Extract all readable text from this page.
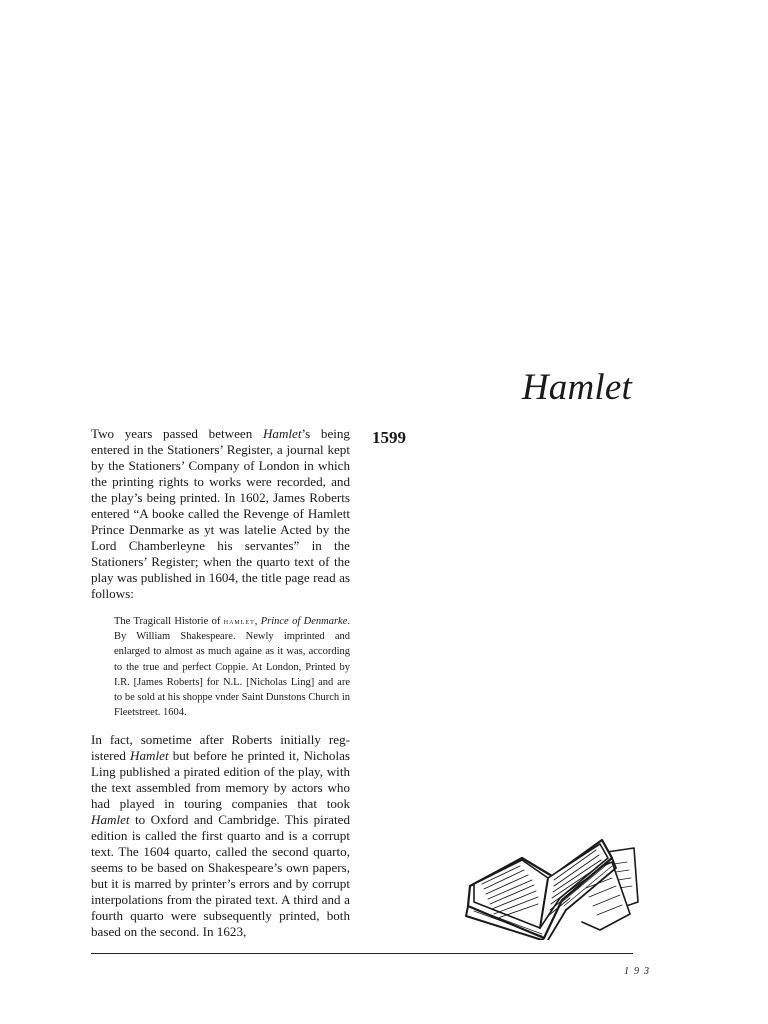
Hamlet
1599

Two years passed between Hamlet’s being entered in the Stationers’ Register, a journal kept by the Stationers’ Company of London in which the printing rights to works were recorded, and the play’s being printed. In 1602, James Roberts entered “A booke called the Revenge of Hamlett Prince Denmarke as yt was latelie Acted by the Lord Chamberleyne his servantes” in the Stationers’ Register; when the quarto text of the play was published in 1604, the title page read as follows:

The Tragicall Historie of hamlet, Prince of Denmarke. By William Shakespeare. Newly imprinted and enlarged to almost as much againe as it was, according to the true and perfect Coppie. At London, Printed by I.R. [James Roberts] for N.L. [Nicholas Ling] and are to be sold at his shoppe vnder Saint Dunstons Church in Fleetstreet. 1604.

In fact, sometime after Roberts initially registered Hamlet but before he printed it, Nicholas Ling published a pirated edition of the play, with the text assembled from memory by actors who had played in touring companies that took Hamlet to Oxford and Cambridge. This pirated edition is called the first quarto and is a corrupt text. The 1604 quarto, called the second quarto, seems to be based on Shakespeare’s own papers, but it is marred by printer’s errors and by corrupt interpolations from the pirated text. A third and a fourth quarto were subsequently printed, both based on the second. In 1623,

193
